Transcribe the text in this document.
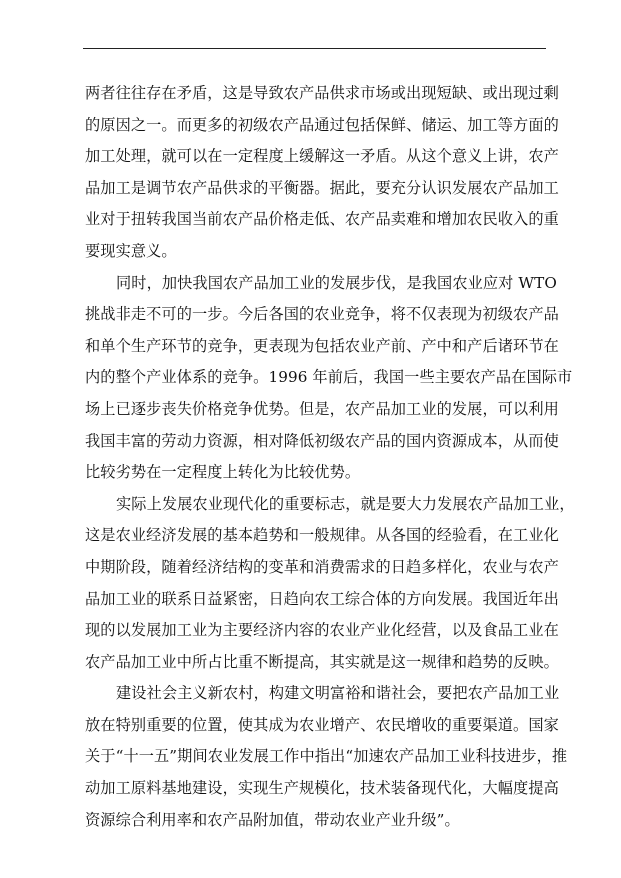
两者往往存在矛盾，这是导致农产品供求市场或出现短缺、或出现过剩
的原因之一。而更多的初级农产品通过包括保鲜、储运、加工等方面的
加工处理，就可以在一定程度上缓解这一矛盾。从这个意义上讲，农产
品加工是调节农产品供求的平衡器。据此，要充分认识发展农产品加工
业对于扭转我国当前农产品价格走低、农产品卖难和增加农民收入的重
要现实意义。
同时，加快我国农产品加工业的发展步伐，是我国农业应对 WTO
挑战非走不可的一步。今后各国的农业竞争，将不仅表现为初级农产品
和单个生产环节的竞争，更表现为包括农业产前、产中和产后诸环节在
内的整个产业体系的竞争。1996 年前后，我国一些主要农产品在国际市
场上已逐步丧失价格竞争优势。但是，农产品加工业的发展，可以利用
我国丰富的劳动力资源，相对降低初级农产品的国内资源成本，从而使
比较劣势在一定程度上转化为比较优势。
实际上发展农业现代化的重要标志，就是要大力发展农产品加工业，
这是农业经济发展的基本趋势和一般规律。从各国的经验看，在工业化
中期阶段，随着经济结构的变革和消费需求的日趋多样化，农业与农产
品加工业的联系日益紧密，日趋向农工综合体的方向发展。我国近年出
现的以发展加工业为主要经济内容的农业产业化经营，以及食品工业在
农产品加工业中所占比重不断提高，其实就是这一规律和趋势的反映。
建设社会主义新农村，构建文明富裕和谐社会，要把农产品加工业
放在特别重要的位置，使其成为农业增产、农民增收的重要渠道。国家
关于“十一五”期间农业发展工作中指出“加速农产品加工业科技进步，推
动加工原料基地建设，实现生产规模化，技术装备现代化，大幅度提高
资源综合利用率和农产品附加值，带动农业产业升级”。
